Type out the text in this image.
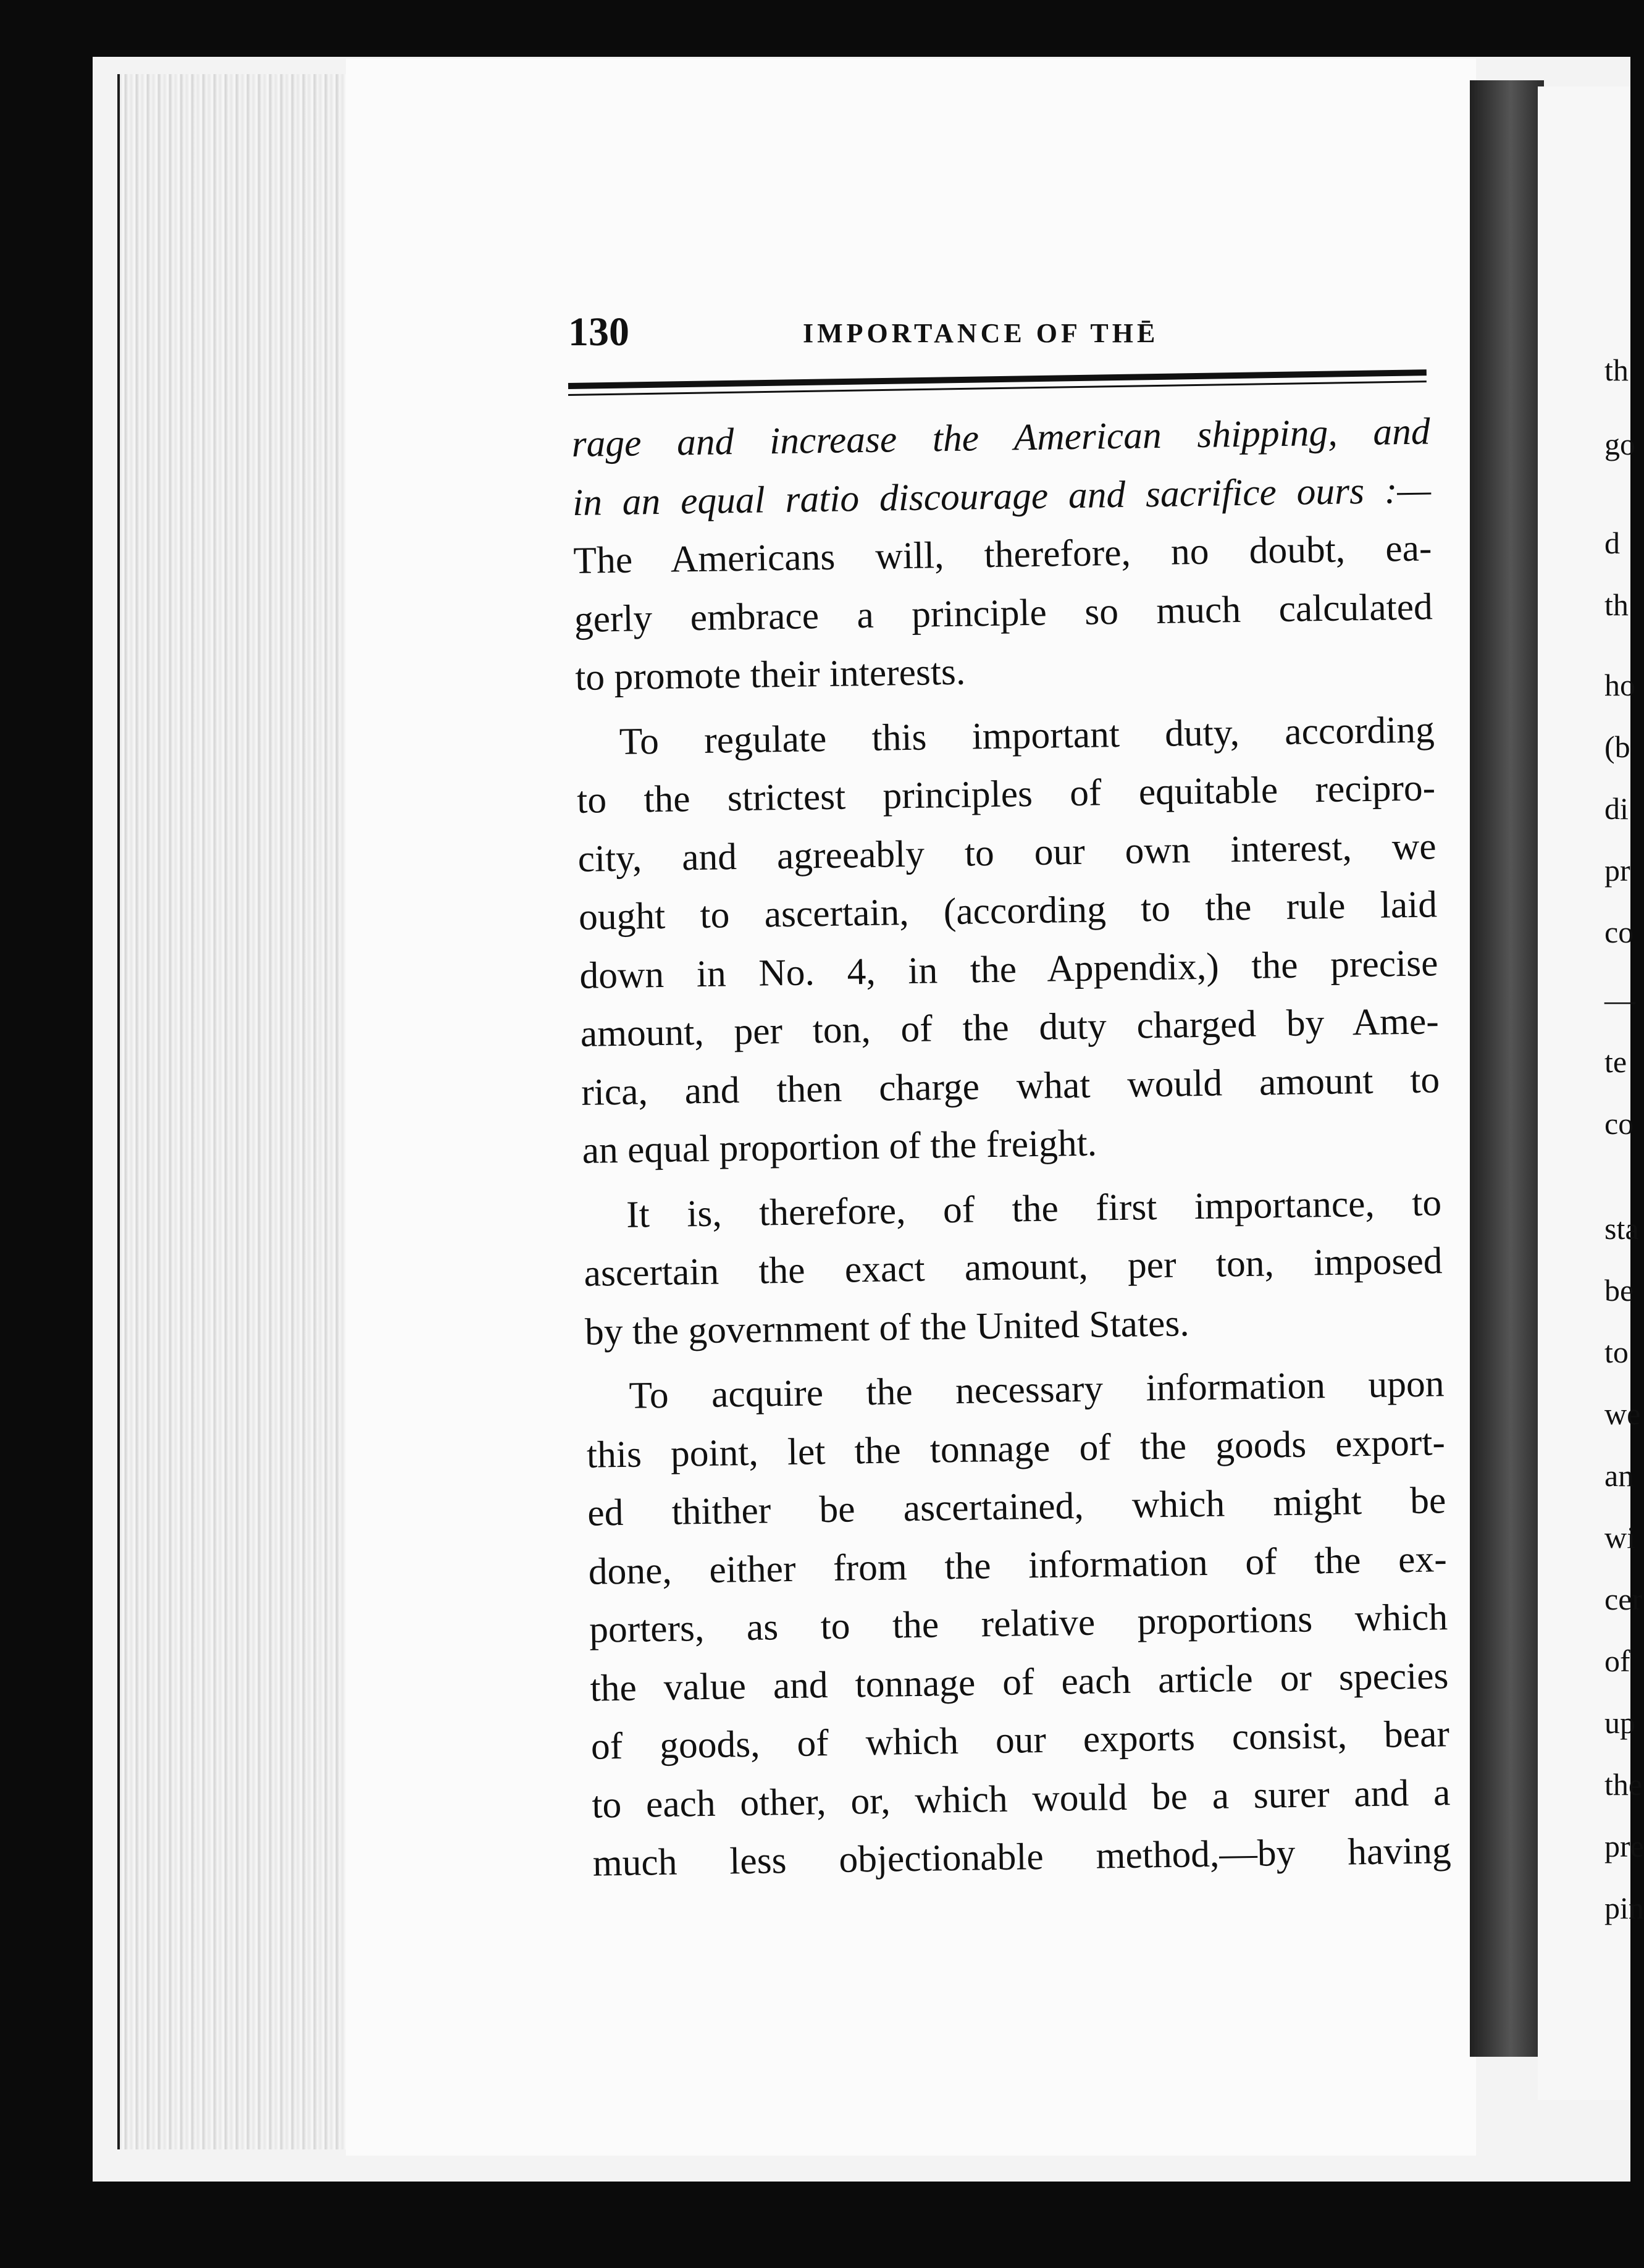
th
go
d
th
ho
(b
di
pr
co
—
te
co
sta
be
to
we
an
wi
cer
of
up
the
pre
pin
130	IMPORTANCE OF THĒ
rage and increase the American shipping, and
in an equal ratio discourage and sacrifice ours :—
The Americans will, therefore, no doubt, ea-
gerly embrace a principle so much calculated
to promote their interests.
To regulate this important duty, according
to the strictest principles of equitable recipro-
city, and agreeably to our own interest, we
ought to ascertain, (according to the rule laid
down in No. 4, in the Appendix,) the precise
amount, per ton, of the duty charged by Ame-
rica, and then charge what would amount to
an equal proportion of the freight.
It is, therefore, of the first importance, to
ascertain the exact amount, per ton, imposed
by the government of the United States.
To acquire the necessary information upon
this point, let the tonnage of the goods export-
ed thither be ascertained, which might be
done, either from the information of the ex-
porters, as to the relative proportions which
the value and tonnage of each article or species
of goods, of which our exports consist, bear
to each other, or, which would be a surer and a
much less objectionable method,—by having
